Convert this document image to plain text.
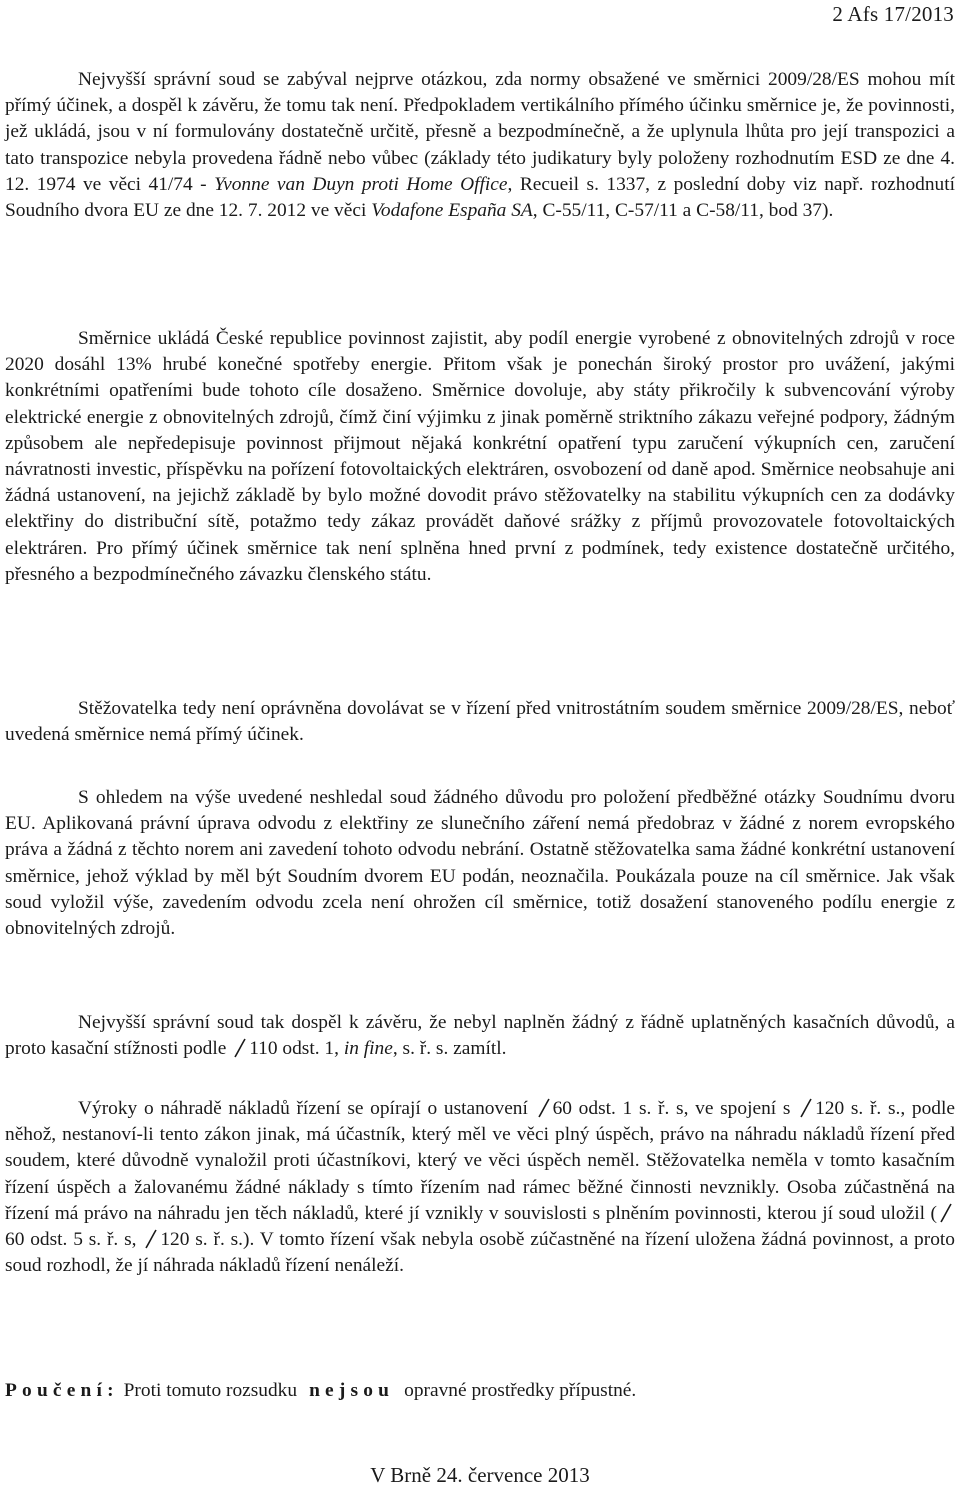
2 Afs 17/2013

Nejvyšší správní soud se zabýval nejprve otázkou, zda normy obsažené ve směrnici 2009/28/ES mohou mít přímý účinek, a dospěl k závěru, že tomu tak není. Předpokladem vertikálního přímého účinku směrnice je, že povinnosti, jež ukládá, jsou v ní formulovány dostatečně určitě, přesně a bezpodmínečně, a že uplynula lhůta pro její transpozici a tato transpozice nebyla provedena řádně nebo vůbec (základy této judikatury byly položeny rozhodnutím ESD ze dne 4. 12. 1974 ve věci 41/74 - Yvonne van Duyn proti Home Office, Recueil s. 1337, z poslední doby viz např. rozhodnutí Soudního dvora EU ze dne 12. 7. 2012 ve věci Vodafone España SA, C-55/11, C-57/11 a C-58/11, bod 37).

Směrnice ukládá České republice povinnost zajistit, aby podíl energie vyrobené z obnovitelných zdrojů v roce 2020 dosáhl 13% hrubé konečné spotřeby energie. Přitom však je ponechán široký prostor pro uvážení, jakými konkrétními opatřeními bude tohoto cíle dosaženo. Směrnice dovoluje, aby státy přikročily k subvencování výroby elektrické energie z obnovitelných zdrojů, čímž činí výjimku z jinak poměrně striktního zákazu veřejné podpory, žádným způsobem ale nepředepisuje povinnost přijmout nějaká konkrétní opatření typu zaručení výkupních cen, zaručení návratnosti investic, příspěvku na pořízení fotovoltaických elektráren, osvobození od daně apod. Směrnice neobsahuje ani žádná ustanovení, na jejichž základě by bylo možné dovodit právo stěžovatelky na stabilitu výkupních cen za dodávky elektřiny do distribuční sítě, potažmo tedy zákaz provádět daňové srážky z příjmů provozovatele fotovoltaických elektráren. Pro přímý účinek směrnice tak není splněna hned první z podmínek, tedy existence dostatečně určitého, přesného a bezpodmínečného závazku členského státu.

Stěžovatelka tedy není oprávněna dovolávat se v řízení před vnitrostátním soudem směrnice 2009/28/ES, neboť uvedená směrnice nemá přímý účinek.

S ohledem na výše uvedené neshledal soud žádného důvodu pro položení předběžné otázky Soudnímu dvoru EU. Aplikovaná právní úprava odvodu z elektřiny ze slunečního záření nemá předobraz v žádné z norem evropského práva a žádná z těchto norem ani zavedení tohoto odvodu nebrání. Ostatně stěžovatelka sama žádné konkrétní ustanovení směrnice, jehož výklad by měl být Soudním dvorem EU podán, neoznačila. Poukázala pouze na cíl směrnice. Jak však soud vyložil výše, zavedením odvodu zcela není ohrožen cíl směrnice, totiž dosažení stanoveného podílu energie z obnovitelných zdrojů.

Nejvyšší správní soud tak dospěl k závěru, že nebyl naplněn žádný z řádně uplatněných kasačních důvodů, a proto kasační stížnosti podle
110 odst. 1, in fine, s. ř. s. zamítl.

Výroky o náhradě nákladů řízení se opírají o ustanovení
60 odst. 1 s. ř. s, ve spojení s
120 s. ř. s., podle něhož, nestanoví-li tento zákon jinak, má účastník, který měl ve věci plný úspěch, právo na náhradu nákladů řízení před soudem, které důvodně vynaložil proti účastníkovi, který ve věci úspěch neměl. Stěžovatelka neměla v tomto kasačním řízení úspěch a žalovanému žádné náklady s tímto řízením nad rámec běžné činnosti nevznikly. Osoba zúčastněná na řízení má právo na náhradu jen těch nákladů, které jí vznikly v souvislosti s plněním povinnosti, kterou jí soud uložil (
60 odst. 5 s. ř. s,
120 s. ř. s.). V tomto řízení však nebyla osobě zúčastněné na řízení uložena žádná povinnost, a proto soud rozhodl, že jí náhrada nákladů řízení nenáleží.

Poučení: Proti tomuto rozsudku nejsou opravné prostředky přípustné.

V Brně 24. července 2013
